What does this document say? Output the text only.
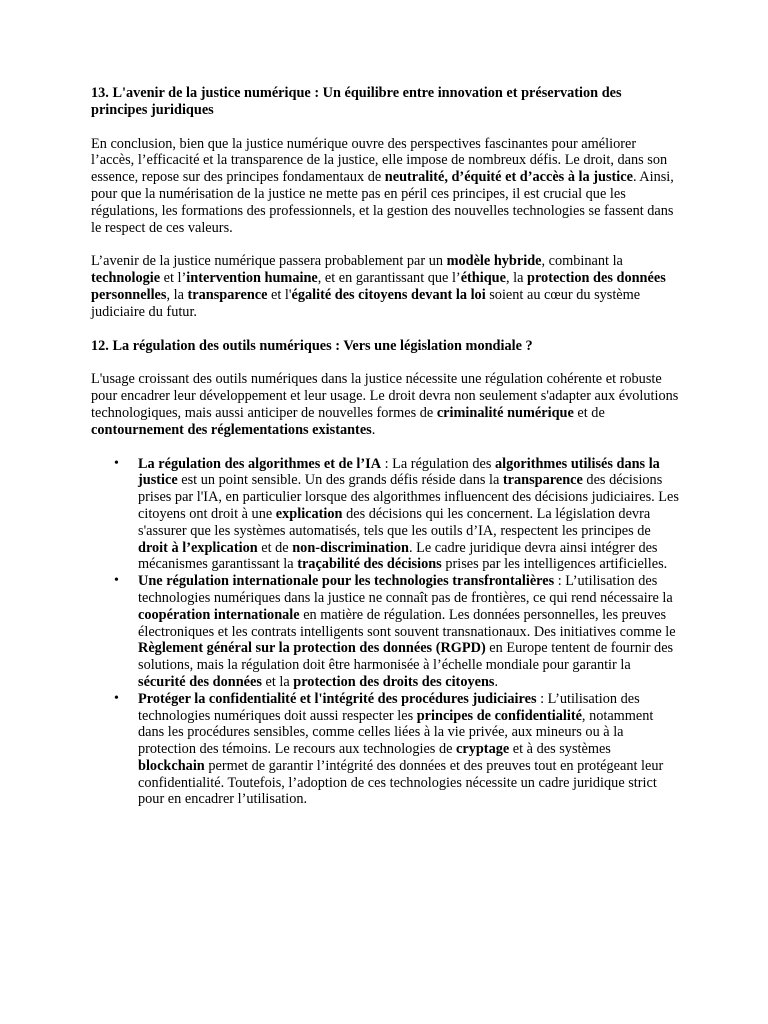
13. L'avenir de la justice numérique : Un équilibre entre innovation et préservation des principes juridiques

En conclusion, bien que la justice numérique ouvre des perspectives fascinantes pour améliorer l’accès, l’efficacité et la transparence de la justice, elle impose de nombreux défis. Le droit, dans son essence, repose sur des principes fondamentaux de neutralité, d’équité et d’accès à la justice. Ainsi, pour que la numérisation de la justice ne mette pas en péril ces principes, il est crucial que les régulations, les formations des professionnels, et la gestion des nouvelles technologies se fassent dans le respect de ces valeurs.

L’avenir de la justice numérique passera probablement par un modèle hybride, combinant la technologie et l’intervention humaine, et en garantissant que l’éthique, la protection des données personnelles, la transparence et l'égalité des citoyens devant la loi soient au cœur du système judiciaire du futur.

12. La régulation des outils numériques : Vers une législation mondiale ?

L'usage croissant des outils numériques dans la justice nécessite une régulation cohérente et robuste pour encadrer leur développement et leur usage. Le droit devra non seulement s'adapter aux évolutions technologiques, mais aussi anticiper de nouvelles formes de criminalité numérique et de contournement des réglementations existantes.

• La régulation des algorithmes et de l’IA : La régulation des algorithmes utilisés dans la justice est un point sensible. Un des grands défis réside dans la transparence des décisions prises par l'IA, en particulier lorsque des algorithmes influencent des décisions judiciaires. Les citoyens ont droit à une explication des décisions qui les concernent. La législation devra s'assurer que les systèmes automatisés, tels que les outils d’IA, respectent les principes de droit à l’explication et de non-discrimination. Le cadre juridique devra ainsi intégrer des mécanismes garantissant la traçabilité des décisions prises par les intelligences artificielles.
• Une régulation internationale pour les technologies transfrontalières : L’utilisation des technologies numériques dans la justice ne connaît pas de frontières, ce qui rend nécessaire la coopération internationale en matière de régulation. Les données personnelles, les preuves électroniques et les contrats intelligents sont souvent transnationaux. Des initiatives comme le Règlement général sur la protection des données (RGPD) en Europe tentent de fournir des solutions, mais la régulation doit être harmonisée à l’échelle mondiale pour garantir la sécurité des données et la protection des droits des citoyens.
• Protéger la confidentialité et l'intégrité des procédures judiciaires : L’utilisation des technologies numériques doit aussi respecter les principes de confidentialité, notamment dans les procédures sensibles, comme celles liées à la vie privée, aux mineurs ou à la protection des témoins. Le recours aux technologies de cryptage et à des systèmes blockchain permet de garantir l’intégrité des données et des preuves tout en protégeant leur confidentialité. Toutefois, l’adoption de ces technologies nécessite un cadre juridique strict pour en encadrer l’utilisation.
